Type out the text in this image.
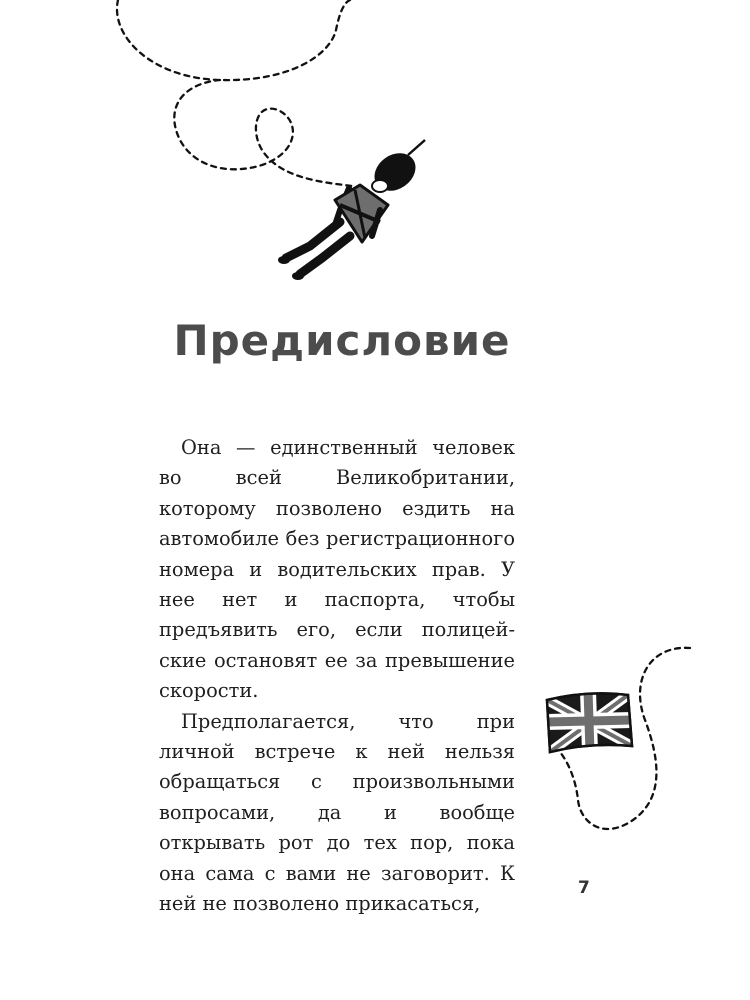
Предисловие

Она — единственный человек во всей Великобритании, которому позволено ездить на автомобиле без регистрационного номера и водительских прав. У нее нет и паспорта, чтобы предъявить его, если полицейские остановят ее за превышение скорости.

Предполагается, что при личной встрече к ней нельзя обращаться с произвольными вопросами, да и вообще открывать рот до тех пор, пока она сама с вами не заговорит. К ней не позволено прикасаться,

7
